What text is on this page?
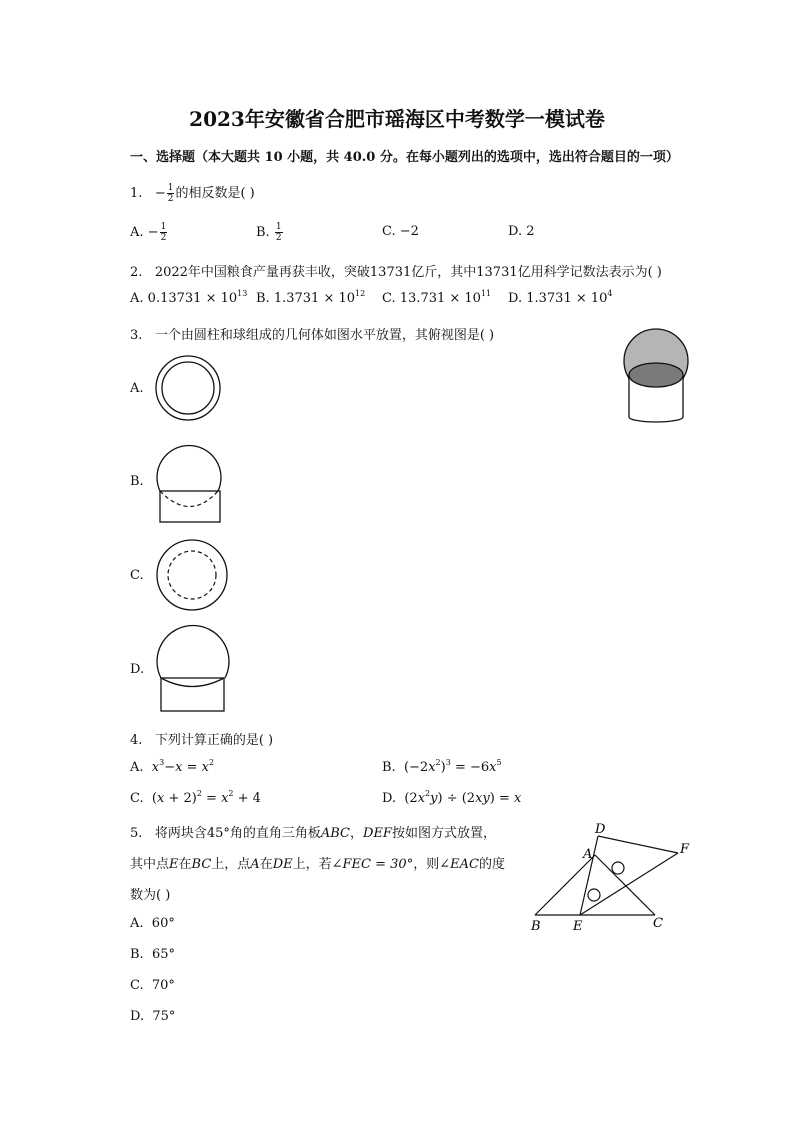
2023年安徽省合肥市瑶海区中考数学一模试卷
一、选择题（本大题共 10 小题，共 40.0 分。在每小题列出的选项中，选出符合题目的一项）
1. − $\frac{1}{2}$ 的相反数是( )
A. − $\frac{1}{2}$	B. $\frac{1}{2}$	C. −2	D. 2
2. 2022年中国粮食产量再获丰收，突破13731亿斤，其中13731亿用科学记数法表示为( )
A. $0.13731 \times 10^{13}$ B. $1.3731 \times 10^{12}$ C. $13.731 \times 10^{11}$ D. $1.3731 \times 10^4$
3. 一个由圆柱和球组成的几何体如图水平放置，其俯视图是( )
A.
B.
C.
D.
4. 下列计算正确的是( )
A. $x^3-x = x^2$	B. $(-2x^2)^3 = -6x^5$
C. $(x + 2)^2 = x^2 + 4$	D. $(2x^2y) \div (2xy) = x$
5. 将两块含45°角的直角三角板ABC，DEF按如图方式放置，
其中点E在BC上，点A在DE上，若∠FEC = 30°，则∠EAC的度
数为( )
A. 60°
B. 65°
C. 70°
D. 75°
D
A	F
B E	C
